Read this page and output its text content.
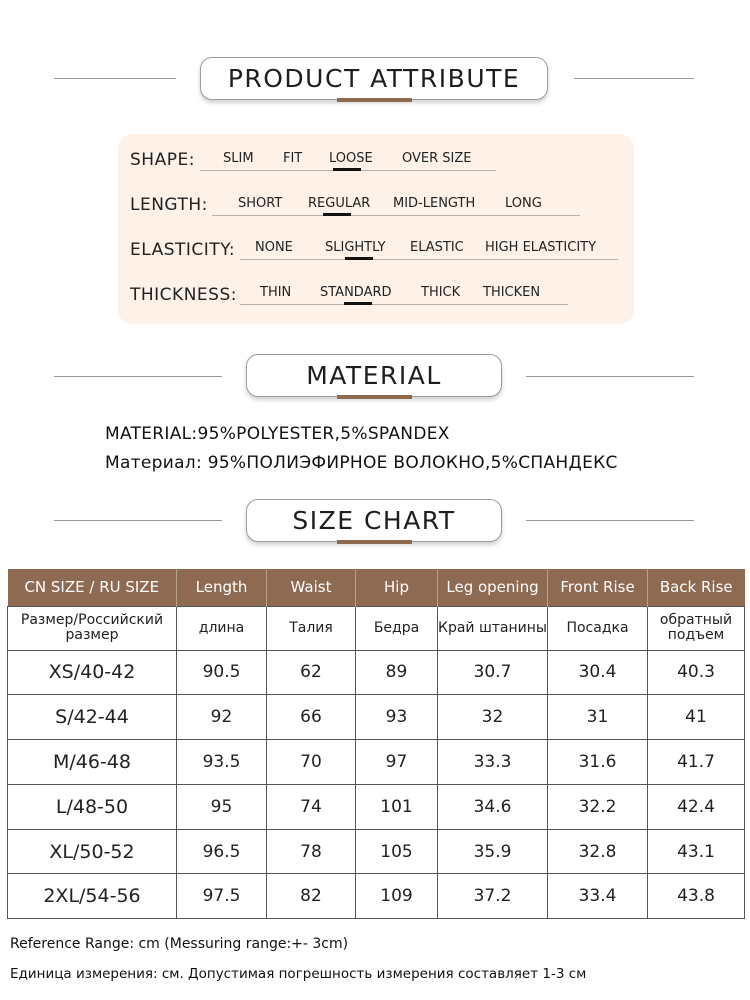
PRODUCT ATTRIBUTE
SHAPE: SLIM FIT LOOSE OVER SIZE
LENGTH: SHORT REGULAR MID-LENGTH LONG
ELASTICITY: NONE SLIGHTLY ELASTIC HIGH ELASTICITY
THICKNESS: THIN STANDARD THICK THICKEN
MATERIAL
MATERIAL:95%POLYESTER,5%SPANDEX
Материал: 95%ПОЛИЭФИРНОЕ ВОЛОКНО,5%СПАНДЕКС
SIZE CHART
CN SIZE / RU SIZE	Length	Waist	Hip	Leg opening	Front Rise	Back Rise
Размер/Российский размер	длина	Талия	Бедра	Край штанины	Посадка	обратный подъем
XS/40-42	90.5	62	89	30.7	30.4	40.3
S/42-44	92	66	93	32	31	41
M/46-48	93.5	70	97	33.3	31.6	41.7
L/48-50	95	74	101	34.6	32.2	42.4
XL/50-52	96.5	78	105	35.9	32.8	43.1
2XL/54-56	97.5	82	109	37.2	33.4	43.8
Reference Range: cm (Messuring range:+- 3cm)
Единица измерения: см. Допустимая погрешность измерения составляет 1-3 см
